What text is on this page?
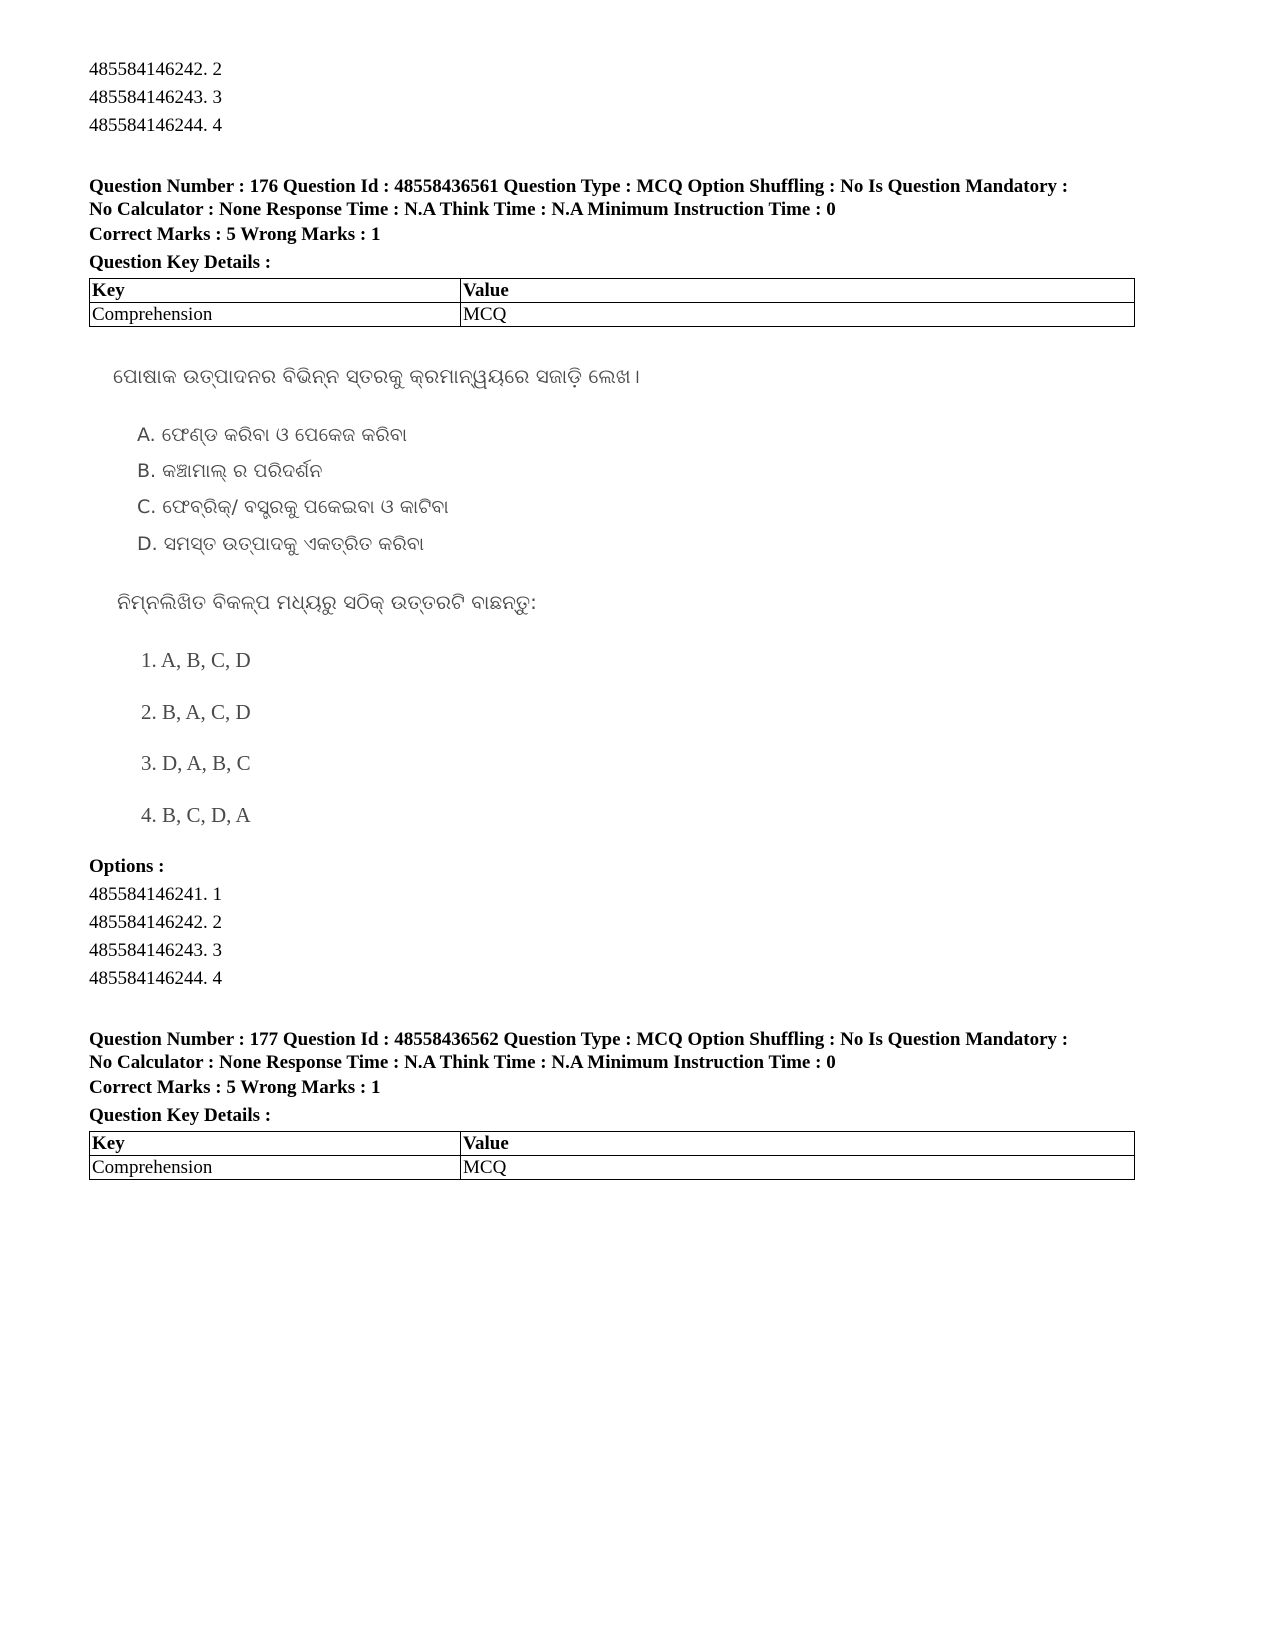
485584146242. 2
485584146243. 3
485584146244. 4
Question Number : 176 Question Id : 48558436561 Question Type : MCQ Option Shuffling : No Is Question Mandatory :
No Calculator : None Response Time : N.A Think Time : N.A Minimum Instruction Time : 0
Correct Marks : 5 Wrong Marks : 1
Question Key Details :
Key	Value
Comprehension	MCQ
ପୋଷାକ ଉତ୍ପାଦନର ବିଭିନ୍ନ ସ୍ତରକୁ କ୍ରମାନ୍ୱୟରେ ସଜାଡ଼ି ଲେଖ।
A. ଫେଣ୍ଡ କରିବା ଓ ପେକେଜ କରିବା
B. କଞ୍ଚାମାଲ୍ ର ପରିଦର୍ଶନ
C. ଫେବ୍ରିକ୍/ ବସ୍ତ୍ରକୁ ପକେଇବା ଓ କାଟିବା
D. ସମସ୍ତ ଉତ୍ପାଦକୁ ଏକତ୍ରିତ କରିବା
ନିମ୍ନଲିଖିତ ବିକଳ୍ପ ମଧ୍ୟରୁ ସଠିକ୍ ଉତ୍ତରଟି ବାଛନ୍ତୁ:
1. A, B, C, D
2. B, A, C, D
3. D, A, B, C
4. B, C, D, A
Options :
485584146241. 1
485584146242. 2
485584146243. 3
485584146244. 4
Question Number : 177 Question Id : 48558436562 Question Type : MCQ Option Shuffling : No Is Question Mandatory :
No Calculator : None Response Time : N.A Think Time : N.A Minimum Instruction Time : 0
Correct Marks : 5 Wrong Marks : 1
Question Key Details :
Key	Value
Comprehension	MCQ
